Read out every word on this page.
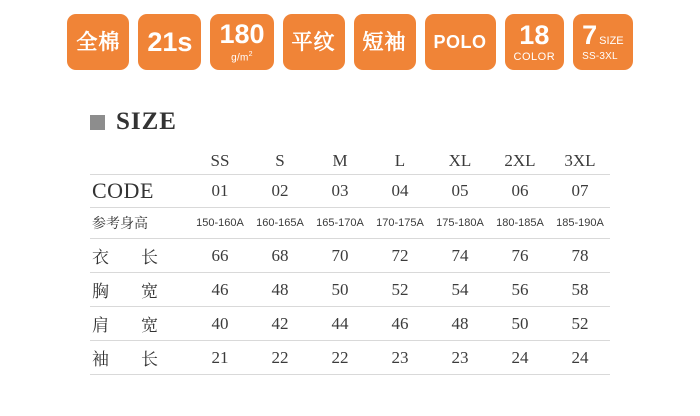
全棉 21s 180
$g/m^2$
平纹 短袖 POLO 18
COLOR
7 SIZE
SS-3XL
SIZE
	SS	S	M	L	XL	2XL	3XL
CODE	01	02	03	04	05	06	07
参考身高	150-160A	160-165A	165-170A	170-175A	175-180A	180-185A	185-190A

衣 长	66	68	70	72	74	76	78

胸 宽	46	48	50	52	54	56	58

肩 宽	40	42	44	46	48	50	52

袖 长	21	22	22	23	23	24	24
